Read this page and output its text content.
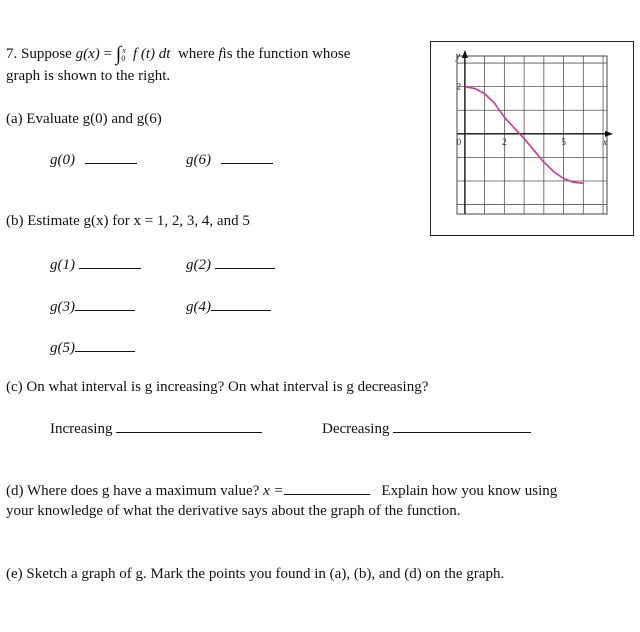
7. Suppose g(x) = ∫ x
0 f (t) dt where fis the function whose
graph is shown to the right.
(a) Evaluate g(0) and g(6)
g(0)	g(6)
(b) Estimate g(x) for x = 1, 2, 3, 4, and 5
g(1)	g(2)
g(3)	g(4)
g(5)
(c) On what interval is g increasing? On what interval is g decreasing?
Increasing	Decreasing
(d) Where does g have a maximum value? x =	Explain how you know using
your knowledge of what the derivative says about the graph of the function.
(e) Sketch a graph of g. Mark the points you found in (a), (b), and (d) on the graph.
y
x
0	2	5
2
